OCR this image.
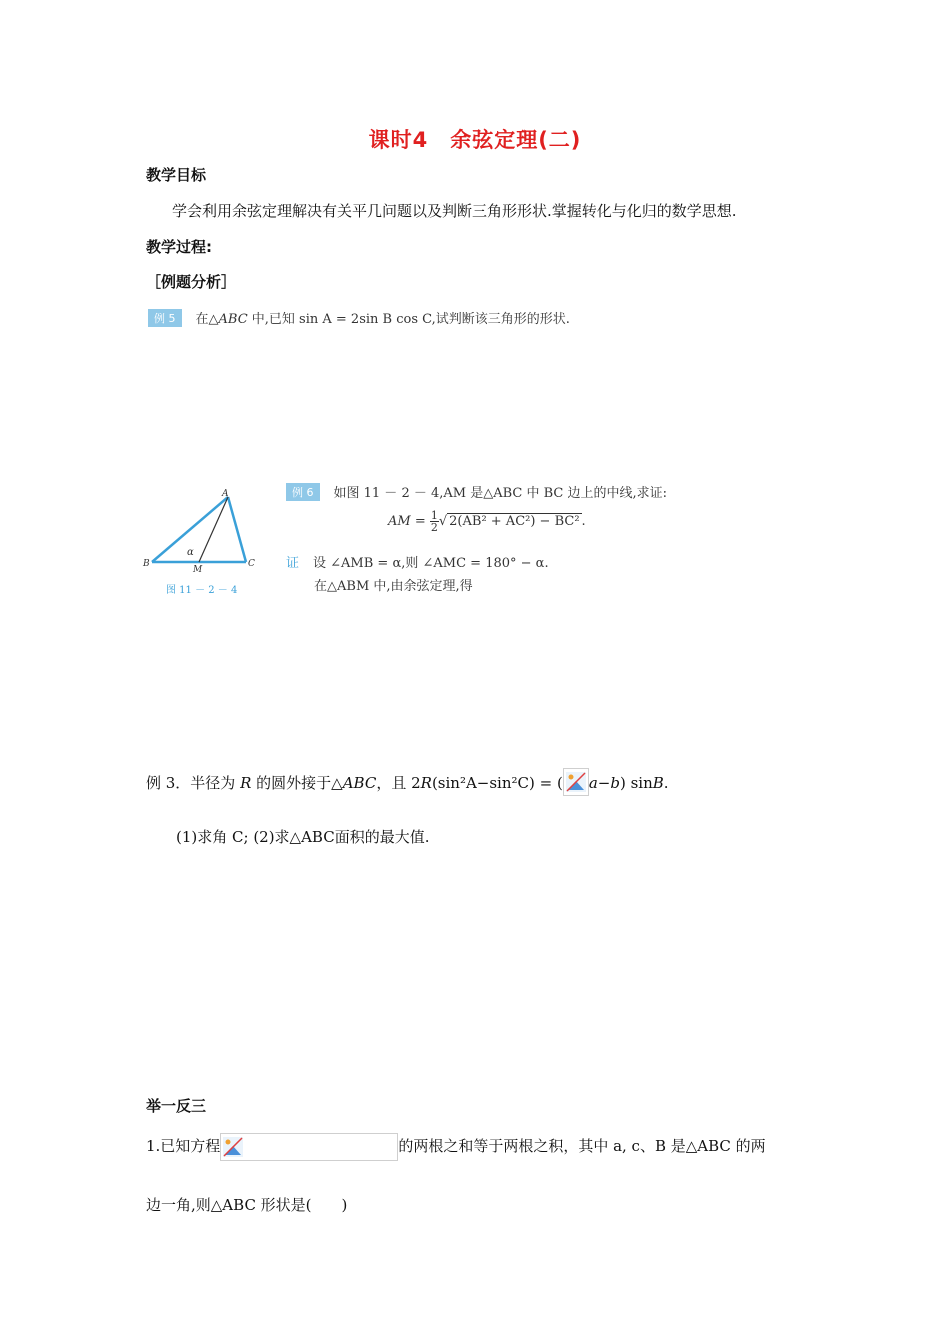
课时4　余弦定理(二)
教学目标
学会利用余弦定理解决有关平几问题以及判断三角形形状.掌握转化与化归的数学思想.
教学过程:
［例题分析］
例 5 在△ABC 中,已知 sin A = 2sin B cos C,试判断该三角形的形状.
A
B	C
M
α
图 11 － 2 － 4
例 6 如图 11 － 2 － 4,AM 是△ABC 中 BC 边上的中线,求证:
AM = $\frac{1}{2}$ √ 2(AB² + AC²) − BC² .
证 设 ∠AMB = α,则 ∠AMC = 180° − α.
在△ABM 中,由余弦定理,得
例 3．半径为 R 的圆外接于△ABC，且 2R(sin²A−sin²C) = ( a−b) sinB.
(1)求角 C; (2)求△ABC面积的最大值.
举一反三
1.已知方程	的两根之和等于两根之积，其中 a, c、B 是△ABC 的两
边一角,则△ABC 形状是(　　)
